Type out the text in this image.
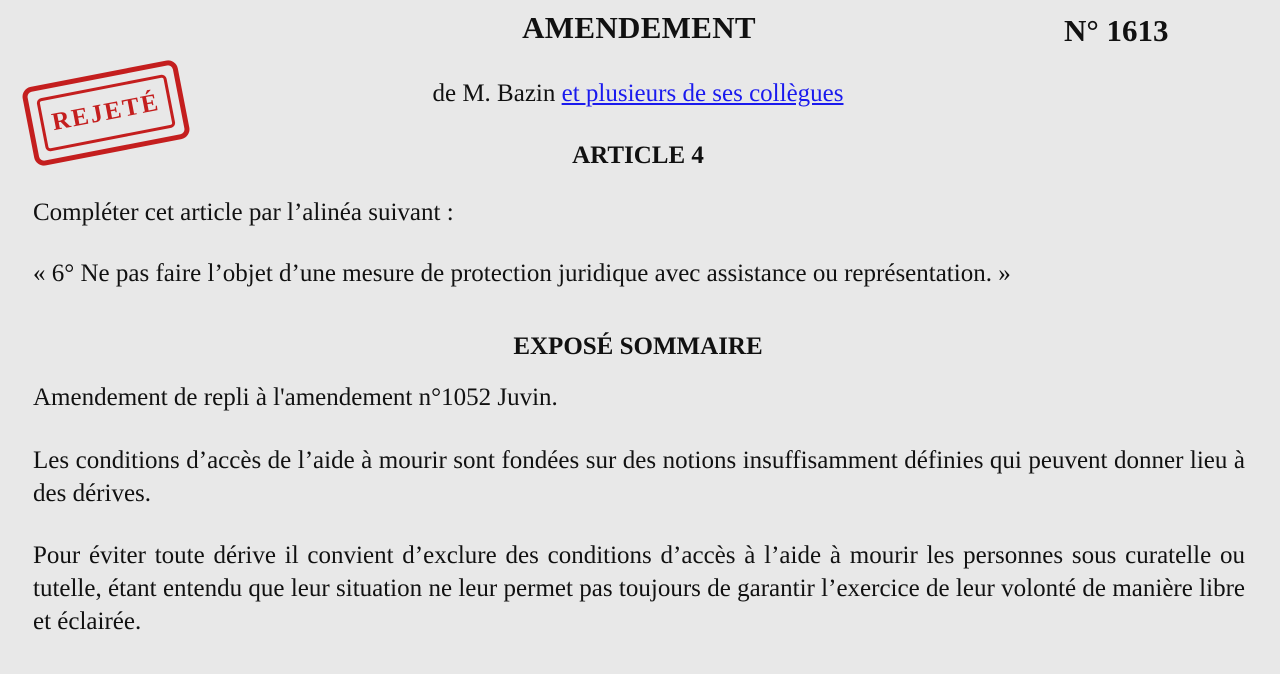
AMENDEMENT	N° 1613
REJETÉ	de M. Bazin et plusieurs de ses collègues
ARTICLE 4
Compléter cet article par l’alinéa suivant :
« 6° Ne pas faire l’objet d’une mesure de protection juridique avec assistance ou représentation. »
EXPOSÉ SOMMAIRE
Amendement de repli à l'amendement n°1052 Juvin.
Les conditions d’accès de l’aide à mourir sont fondées sur des notions insuffisamment définies qui peuvent donner lieu à des dérives.
Pour éviter toute dérive il convient d’exclure des conditions d’accès à l’aide à mourir les personnes sous curatelle ou tutelle, étant entendu que leur situation ne leur permet pas toujours de garantir l’exercice de leur volonté de manière libre et éclairée.
